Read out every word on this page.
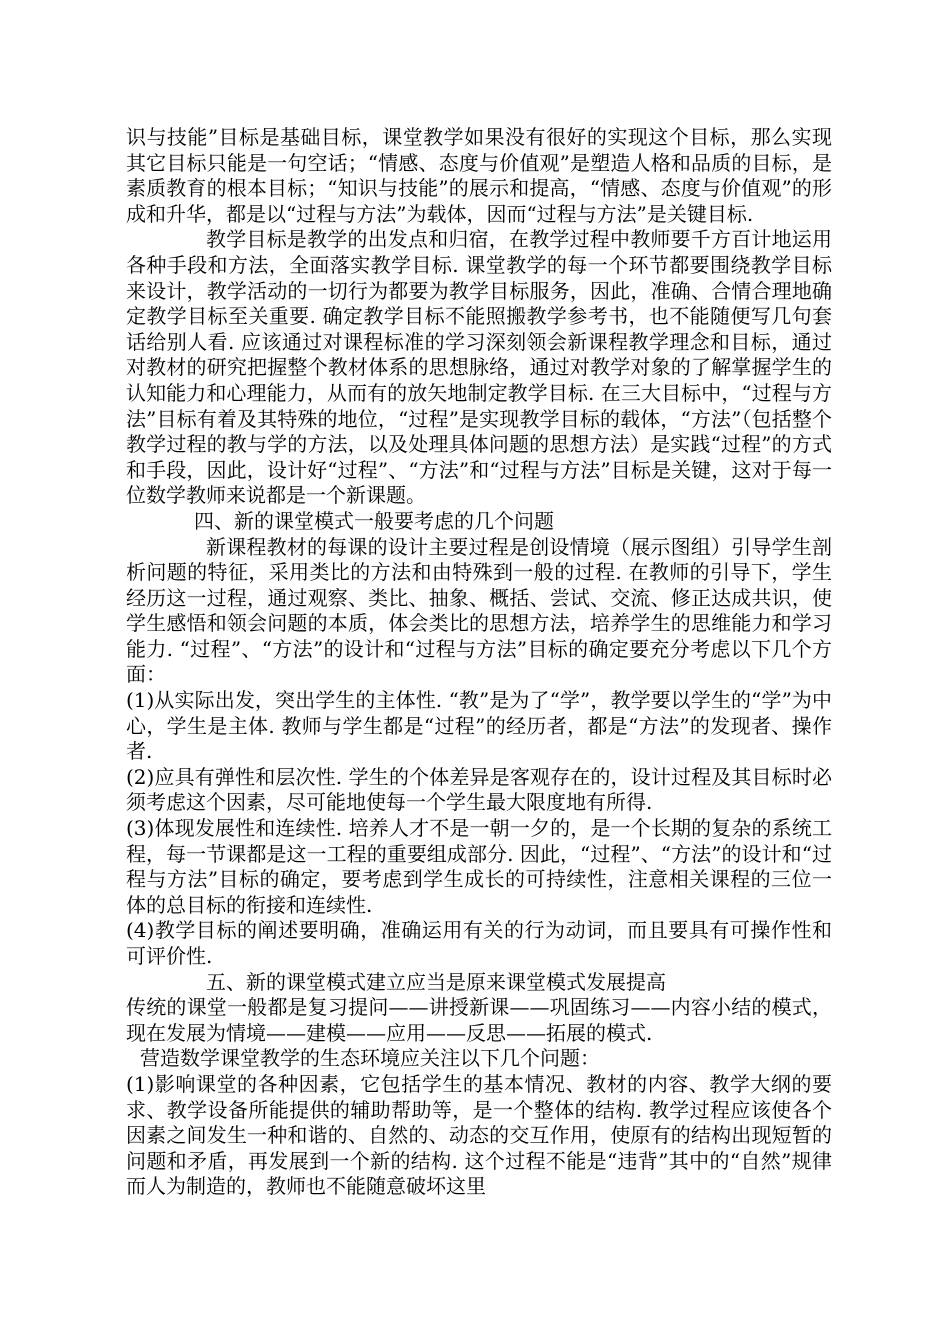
识与技能”目标是基础目标，课堂教学如果没有很好的实现这个目标，那么实现其它目标只能是一句空话；“情感、态度与价值观”是塑造人格和品质的目标，是素质教育的根本目标；“知识与技能”的展示和提高，“情感、态度与价值观”的形成和升华，都是以“过程与方法”为载体，因而“过程与方法”是关键目标.

教学目标是教学的出发点和归宿，在教学过程中教师要千方百计地运用各种手段和方法，全面落实教学目标. 课堂教学的每一个环节都要围绕教学目标来设计，教学活动的一切行为都要为教学目标服务，因此，准确、合情合理地确定教学目标至关重要. 确定教学目标不能照搬教学参考书，也不能随便写几句套话给别人看. 应该通过对课程标准的学习深刻领会新课程教学理念和目标，通过对教材的研究把握整个教材体系的思想脉络，通过对教学对象的了解掌握学生的认知能力和心理能力，从而有的放矢地制定教学目标. 在三大目标中，“过程与方法”目标有着及其特殊的地位，“过程”是实现教学目标的载体，“方法”（包括整个教学过程的教与学的方法，以及处理具体问题的思想方法）是实践“过程”的方式和手段，因此，设计好“过程”、“方法”和“过程与方法”目标是关键，这对于每一位数学教师来说都是一个新课题。

四、新的课堂模式一般要考虑的几个问题

新课程教材的每课的设计主要过程是创设情境（展示图组）引导学生剖析问题的特征，采用类比的方法和由特殊到一般的过程. 在教师的引导下，学生经历这一过程，通过观察、类比、抽象、概括、尝试、交流、修正达成共识，使学生感悟和领会问题的本质，体会类比的思想方法，培养学生的思维能力和学习能力. “过程”、“方法”的设计和“过程与方法”目标的确定要充分考虑以下几个方面：

(1)从实际出发，突出学生的主体性. “教”是为了“学”，教学要以学生的“学”为中心，学生是主体. 教师与学生都是“过程”的经历者，都是“方法”的发现者、操作者.

(2)应具有弹性和层次性. 学生的个体差异是客观存在的，设计过程及其目标时必须考虑这个因素，尽可能地使每一个学生最大限度地有所得.

(3)体现发展性和连续性. 培养人才不是一朝一夕的，是一个长期的复杂的系统工程，每一节课都是这一工程的重要组成部分. 因此，“过程”、“方法”的设计和“过程与方法”目标的确定，要考虑到学生成长的可持续性，注意相关课程的三位一体的总目标的衔接和连续性.

(4)教学目标的阐述要明确，准确运用有关的行为动词，而且要具有可操作性和可评价性.

五、新的课堂模式建立应当是原来课堂模式发展提高

传统的课堂一般都是复习提问——讲授新课——巩固练习——内容小结的模式，现在发展为情境——建模——应用——反思——拓展的模式.

营造数学课堂教学的生态环境应关注以下几个问题：

(1)影响课堂的各种因素，它包括学生的基本情况、教材的内容、教学大纲的要求、教学设备所能提供的辅助帮助等，是一个整体的结构. 教学过程应该使各个因素之间发生一种和谐的、自然的、动态的交互作用，使原有的结构出现短暂的问题和矛盾，再发展到一个新的结构. 这个过程不能是“违背”其中的“自然”规律而人为制造的，教师也不能随意破坏这里
